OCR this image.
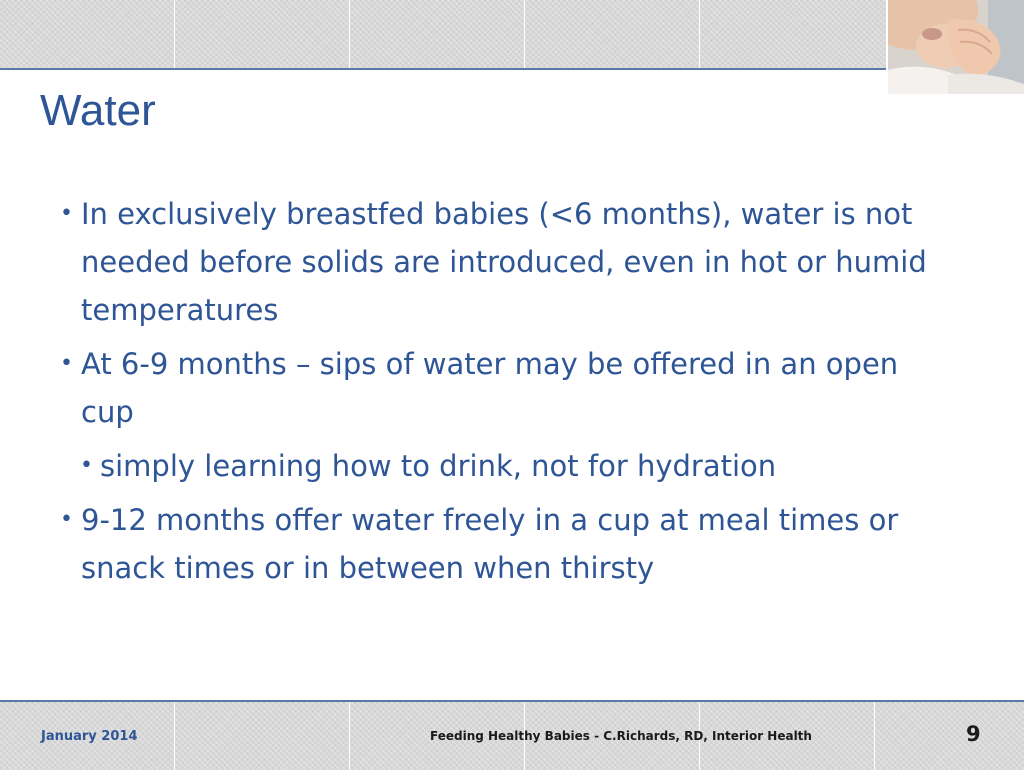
Water
• In exclusively breastfed babies (<6 months), water is not needed before solids are introduced, even in hot or humid temperatures
• At 6-9 months – sips of water may be offered in an open cup
• simply learning how to drink, not for hydration
• 9-12 months offer water freely in a cup at meal times or snack times or in between when thirsty
January 2014	Feeding Healthy Babies - C.Richards, RD, Interior Health	9
